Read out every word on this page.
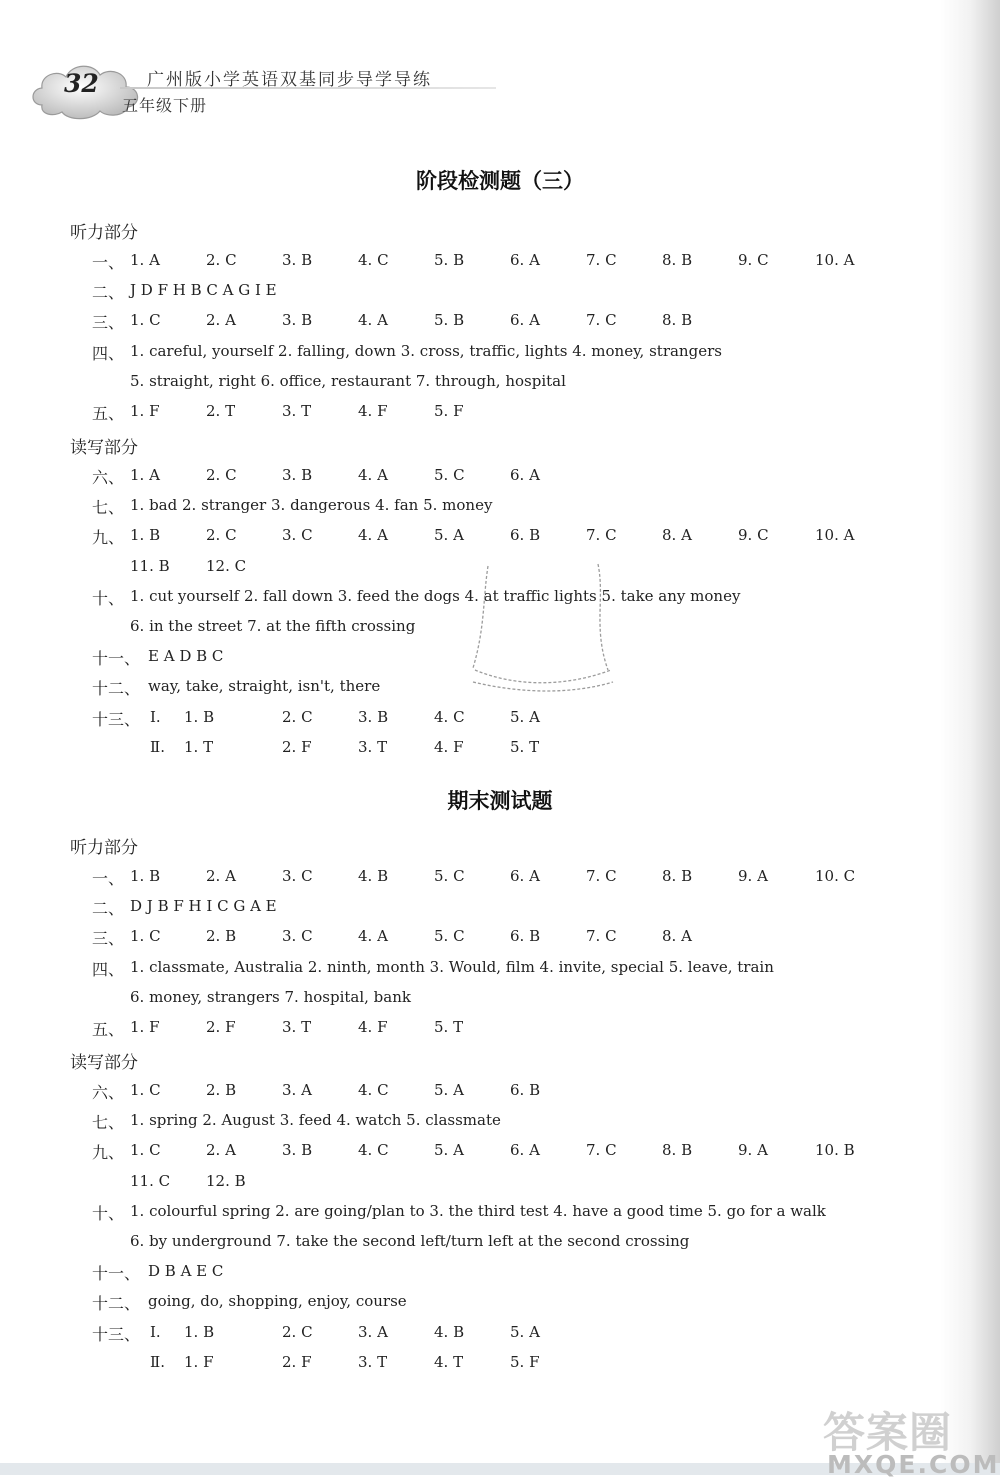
32	广州版小学英语双基同步导学导练
五年级下册
阶段检测题（三）
听力部分
一、 1. A	2. C	3. B	4. C	5. B	6. A	7. C	8. B	9. C	10. A
二、 J D F H B C A G I E
三、 1. C	2. A	3. B	4. A	5. B	6. A	7. C	8. B
四、 1. careful, yourself 2. falling, down 3. cross, traffic, lights 4. money, strangers
5. straight, right 6. office, restaurant 7. through, hospital
五、 1. F	2. T	3. T	4. F	5. F
读写部分
六、 1. A	2. C	3. B	4. A	5. C	6. A
七、 1. bad 2. stranger 3. dangerous 4. fan 5. money
九、 1. B	2. C	3. C	4. A	5. A	6. B	7. C	8. A	9. C	10. A
11. B 12. C
十、 1. cut yourself 2. fall down 3. feed the dogs 4. at traffic lights 5. take any money
6. in the street 7. at the fifth crossing
十一、 E A D B C
十二、 way, take, straight, isn't, there
十三、 Ⅰ. 1. B	2. C	3. B	4. C	5. A
Ⅱ. 1. T	2. F	3. T	4. F	5. T
期末测试题
听力部分
一、 1. B	2. A	3. C	4. B	5. C	6. A	7. C	8. B	9. A	10. C
二、 D J B F H I C G A E
三、 1. C	2. B	3. C	4. A	5. C	6. B	7. C	8. A
四、 1. classmate, Australia 2. ninth, month 3. Would, film 4. invite, special 5. leave, train
6. money, strangers 7. hospital, bank
五、 1. F	2. F	3. T	4. F	5. T
读写部分
六、 1. C	2. B	3. A	4. C	5. A	6. B
七、 1. spring 2. August 3. feed 4. watch 5. classmate
九、 1. C	2. A	3. B	4. C	5. A	6. A	7. C	8. B	9. A	10. B
11. C 12. B
十、 1. colourful spring 2. are going/plan to 3. the third test 4. have a good time 5. go for a walk
6. by underground 7. take the second left/turn left at the second crossing
十一、 D B A E C
十二、 going, do, shopping, enjoy, course
十三、 Ⅰ. 1. B	2. C	3. A	4. B	5. A
Ⅱ. 1. F	2. F	3. T	4. T	5. F
答案圈
MXQE.COM
